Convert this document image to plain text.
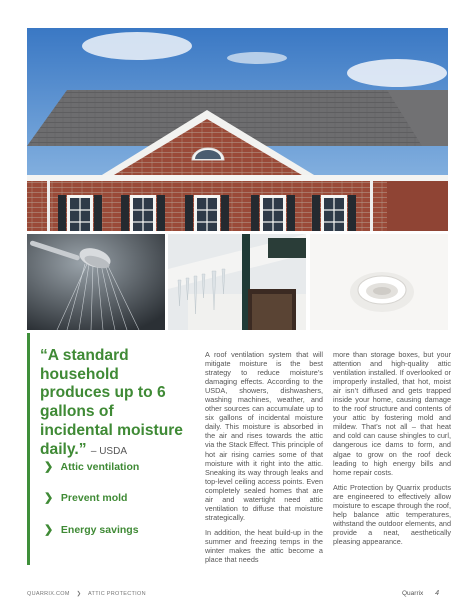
“A standard household produces up to 6 gallons of incidental moisture daily.” – USDA
❯ Attic ventilation
❯ Prevent mold
❯ Energy savings

A roof ventilation system that will mitigate moisture is the best strategy to reduce moisture’s damaging effects. According to the USDA, showers, dishwashers, washing machines, weather, and other sources can accumulate up to six gallons of incidental moisture daily. This moisture is absorbed in the air and rises towards the attic via the Stack Effect. This principle of hot air rising carries some of that moisture with it right into the attic. Sneaking its way through leaks and top-level ceiling access points. Even completely sealed homes that are air and watertight need attic ventilation to diffuse that moisture strategically.

In addition, the heat build-up in the summer and freezing temps in the winter makes the attic become a place that needs

more than storage boxes, but your attention and high-quality attic ventilation installed. If overlooked or improperly installed, that hot, moist air isn’t diffused and gets trapped inside your home, causing damage to the roof structure and contents of your attic by fostering mold and mildew. That’s not all – that heat and cold can cause shingles to curl, dangerous ice dams to form, and algae to grow on the roof deck leading to high energy bills and home repair costs.

Attic Protection by Quarrix products are engineered to effectively allow moisture to escape through the roof, help balance attic temperatures, withstand the outdoor elements, and provide a neat, aesthetically pleasing appearance.

QUARRIX.COM ❯ ATTIC PROTECTION	Quarrix 4
